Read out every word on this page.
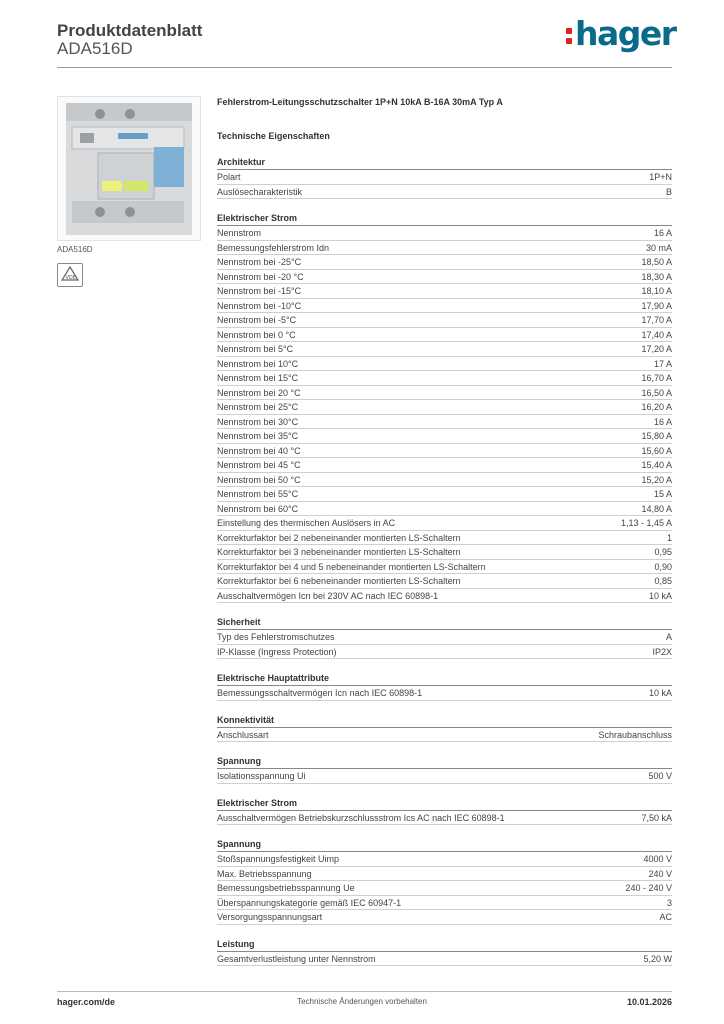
Produktdatenblatt
ADA516D	hager
ADA516D
VDE
Fehlerstrom-Leitungsschutzschalter 1P+N 10kA B-16A 30mA Typ A
Technische Eigenschaften
Architektur
Polart	1P+N
Auslösecharakteristik	B
Elektrischer Strom
Nennstrom	16 A
Bemessungsfehlerstrom Idn	30 mA
Nennstrom bei -25°C	18,50 A
Nennstrom bei -20 °C	18,30 A
Nennstrom bei -15°C	18,10 A
Nennstrom bei -10°C	17,90 A
Nennstrom bei -5°C	17,70 A
Nennstrom bei 0 °C	17,40 A
Nennstrom bei 5°C	17,20 A
Nennstrom bei 10°C	17 A
Nennstrom bei 15°C	16,70 A
Nennstrom bei 20 °C	16,50 A
Nennstrom bei 25°C	16,20 A
Nennstrom bei 30°C	16 A
Nennstrom bei 35°C	15,80 A
Nennstrom bei 40 °C	15,60 A
Nennstrom bei 45 °C	15,40 A
Nennstrom bei 50 °C	15,20 A
Nennstrom bei 55°C	15 A
Nennstrom bei 60°C	14,80 A
Einstellung des thermischen Auslösers in AC	1,13 - 1,45 A
Korrekturfaktor bei 2 nebeneinander montierten LS-Schaltern	1
Korrekturfaktor bei 3 nebeneinander montierten LS-Schaltern	0,95
Korrekturfaktor bei 4 und 5 nebeneinander montierten LS-Schaltern	0,90
Korrekturfaktor bei 6 nebeneinander montierten LS-Schaltern	0,85
Ausschaltvermögen Icn bei 230V AC nach IEC 60898-1	10 kA
Sicherheit
Typ des Fehlerstromschutzes	A
IP-Klasse (Ingress Protection)	IP2X
Elektrische Hauptattribute
Bemessungsschaltvermögen Icn nach IEC 60898-1	10 kA
Konnektivität
Anschlussart	Schraubanschluss
Spannung
Isolationsspannung Ui	500 V
Elektrischer Strom
Ausschaltvermögen Betriebskurzschlussstrom Ics AC nach IEC 60898-1	7,50 kA
Spannung
Stoßspannungsfestigkeit Uimp	4000 V
Max. Betriebsspannung	240 V
Bemessungsbetriebsspannung Ue	240 - 240 V
Überspannungskategorie gemäß IEC 60947-1	3
Versorgungsspannungsart	AC
Leistung
Gesamtverlustleistung unter Nennstrom	5,20 W
hager.com/de	Technische Änderungen vorbehalten	10.01.2026
